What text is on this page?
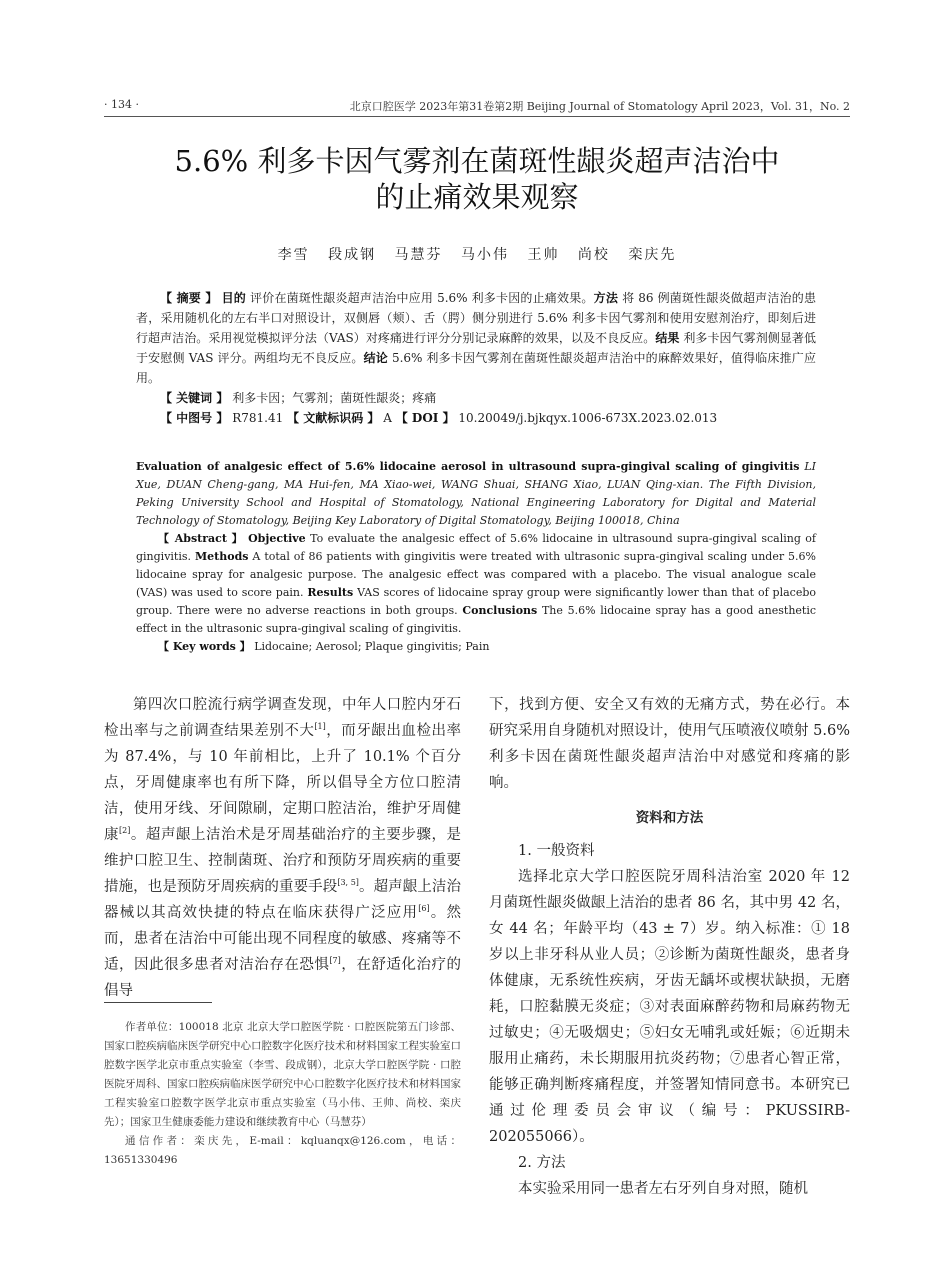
· 134 ·	北京口腔医学 2023年第31卷第2期 Beijing Journal of Stomatology April 2023，Vol. 31，No. 2
5.6% 利多卡因气雾剂在菌斑性龈炎超声洁治中
的止痛效果观察
李雪 段成钢 马慧芬 马小伟 王帅 尚校 栾庆先

【 摘要 】 目的 评价在菌斑性龈炎超声洁治中应用 5.6% 利多卡因的止痛效果。方法 将 86 例菌斑性龈炎做超声洁治的患者，采用随机化的左右半口对照设计，双侧唇（颊）、舌（腭）侧分别进行 5.6% 利多卡因气雾剂和使用安慰剂治疗，即刻后进行超声洁治。采用视觉模拟评分法（VAS）对疼痛进行评分分别记录麻醉的效果，以及不良反应。结果 利多卡因气雾剂侧显著低于安慰侧 VAS 评分。两组均无不良反应。结论 5.6% 利多卡因气雾剂在菌斑性龈炎超声洁治中的麻醉效果好，值得临床推广应用。

【 关键词 】 利多卡因；气雾剂；菌斑性龈炎；疼痛

【 中图号 】 R781.41 【 文献标识码 】 A 【 DOI 】 10.20049/j.bjkqyx.1006-673X.2023.02.013

Evaluation of analgesic effect of 5.6% lidocaine aerosol in ultrasound supra-gingival scaling of gingivitis LI Xue, DUAN Cheng-gang, MA Hui-fen, MA Xiao-wei, WANG Shuai, SHANG Xiao, LUAN Qing-xian. The Fifth Division, Peking University School and Hospital of Stomatology, National Engineering Laboratory for Digital and Material Technology of Stomatology, Beijing Key Laboratory of Digital Stomatology, Beijing 100018, China

【 Abstract 】 Objective To evaluate the analgesic effect of 5.6% lidocaine in ultrasound supra-gingival scaling of gingivitis. Methods A total of 86 patients with gingivitis were treated with ultrasonic supra-gingival scaling under 5.6% lidocaine spray for analgesic purpose. The analgesic effect was compared with a placebo. The visual analogue scale (VAS) was used to score pain. Results VAS scores of lidocaine spray group were significantly lower than that of placebo group. There were no adverse reactions in both groups. Conclusions The 5.6% lidocaine spray has a good anesthetic effect in the ultrasonic supra-gingival scaling of gingivitis.

【 Key words 】 Lidocaine; Aerosol; Plaque gingivitis; Pain

第四次口腔流行病学调查发现，中年人口腔内牙石检出率与之前调查结果差别不大[1]，而牙龈出血检出率为 87.4%，与 10 年前相比，上升了 10.1% 个百分点，牙周健康率也有所下降，所以倡导全方位口腔清洁，使用牙线、牙间隙刷，定期口腔洁治，维护牙周健康[2]。超声龈上洁治术是牙周基础治疗的主要步骤，是维护口腔卫生、控制菌斑、治疗和预防牙周疾病的重要措施，也是预防牙周疾病的重要手段[3, 5]。超声龈上洁治器械以其高效快捷的特点在临床获得广泛应用[6]。然而，患者在洁治中可能出现不同程度的敏感、疼痛等不适，因此很多患者对洁治存在恐惧[7]，在舒适化治疗的倡导

作者单位：100018 北京 北京大学口腔医学院 · 口腔医院第五门诊部、国家口腔疾病临床医学研究中心口腔数字化医疗技术和材料国家工程实验室口腔数字医学北京市重点实验室（李雪、段成钢），北京大学口腔医学院 · 口腔医院牙周科、国家口腔疾病临床医学研究中心口腔数字化医疗技术和材料国家工程实验室口腔数字医学北京市重点实验室（马小伟、王帅、尚校、栾庆先）；国家卫生健康委能力建设和继续教育中心（马慧芬）

通信作者：栾庆先，E-mail：kqluanqx@126.com，电话：13651330496

下，找到方便、安全又有效的无痛方式，势在必行。本研究采用自身随机对照设计，使用气压喷液仪喷射 5.6% 利多卡因在菌斑性龈炎超声洁治中对感觉和疼痛的影响。

资料和方法

1. 一般资料

选择北京大学口腔医院牙周科洁治室 2020 年 12 月菌斑性龈炎做龈上洁治的患者 86 名，其中男 42 名，女 44 名；年龄平均（43 ± 7）岁。纳入标准：① 18 岁以上非牙科从业人员；②诊断为菌斑性龈炎，患者身体健康，无系统性疾病，牙齿无龋坏或楔状缺损，无磨耗，口腔黏膜无炎症；③对表面麻醉药物和局麻药物无过敏史；④无吸烟史；⑤妇女无哺乳或妊娠；⑥近期未服用止痛药，未长期服用抗炎药物；⑦患者心智正常，能够正确判断疼痛程度，并签署知情同意书。本研究已通过伦理委员会审议（编号：PKUSSIRB-202055066）。

2. 方法

本实验采用同一患者左右牙列自身对照，随机
